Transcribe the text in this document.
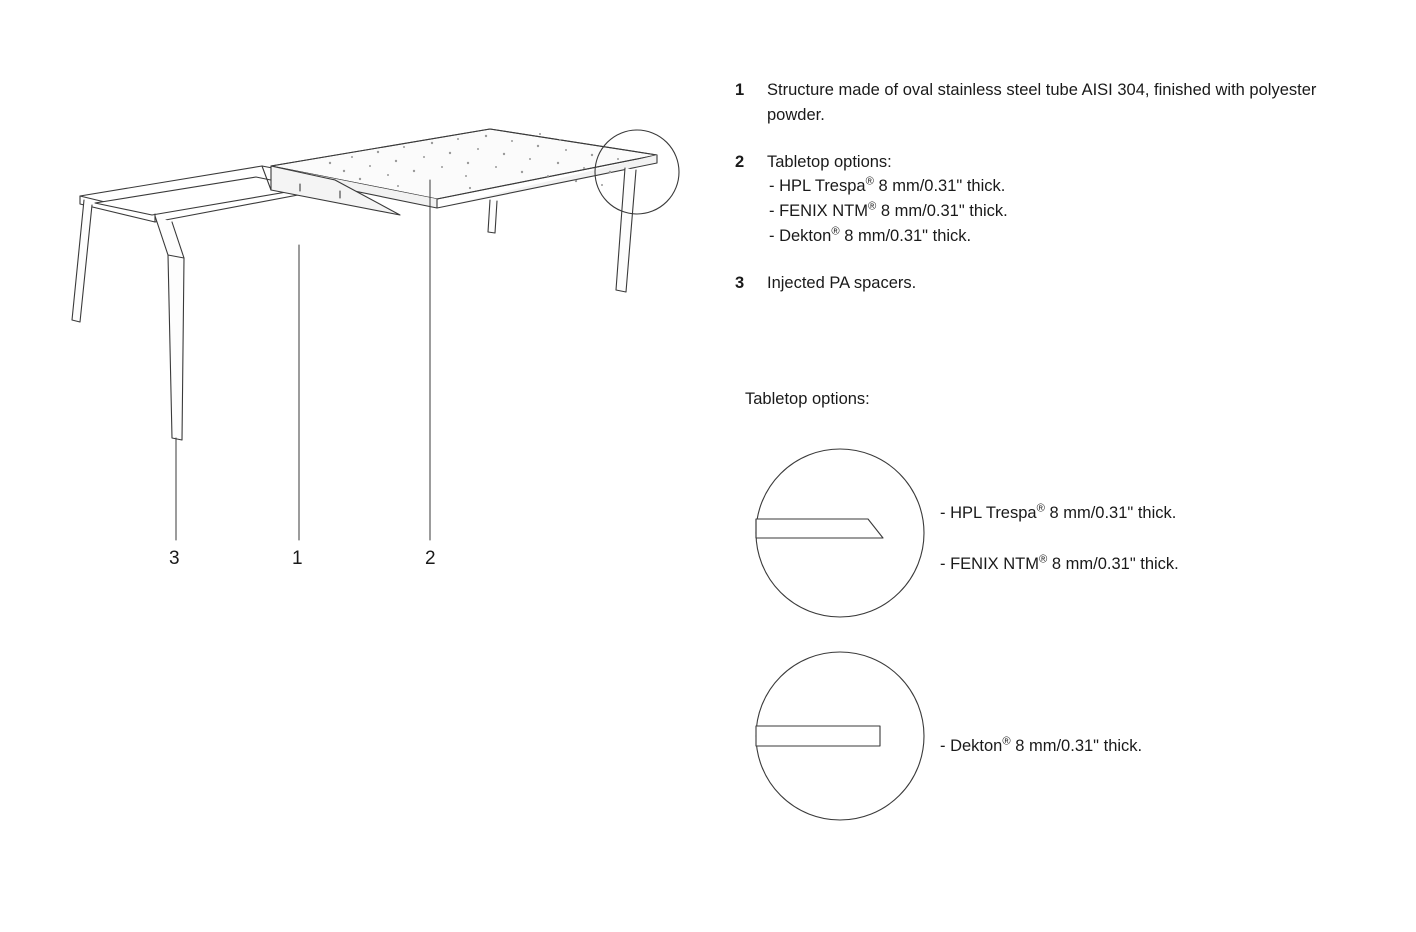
3	1	2
1	Structure made of oval stainless steel tube AISI 304, finished with polyester powder.
2	Tabletop options:
- HPL Trespa® 8 mm/0.31" thick.
- FENIX NTM® 8 mm/0.31" thick.
- Dekton® 8 mm/0.31" thick.
3	Injected PA spacers.
Tabletop options:
- HPL Trespa® 8 mm/0.31" thick.
- FENIX NTM® 8 mm/0.31" thick.
- Dekton® 8 mm/0.31" thick.
